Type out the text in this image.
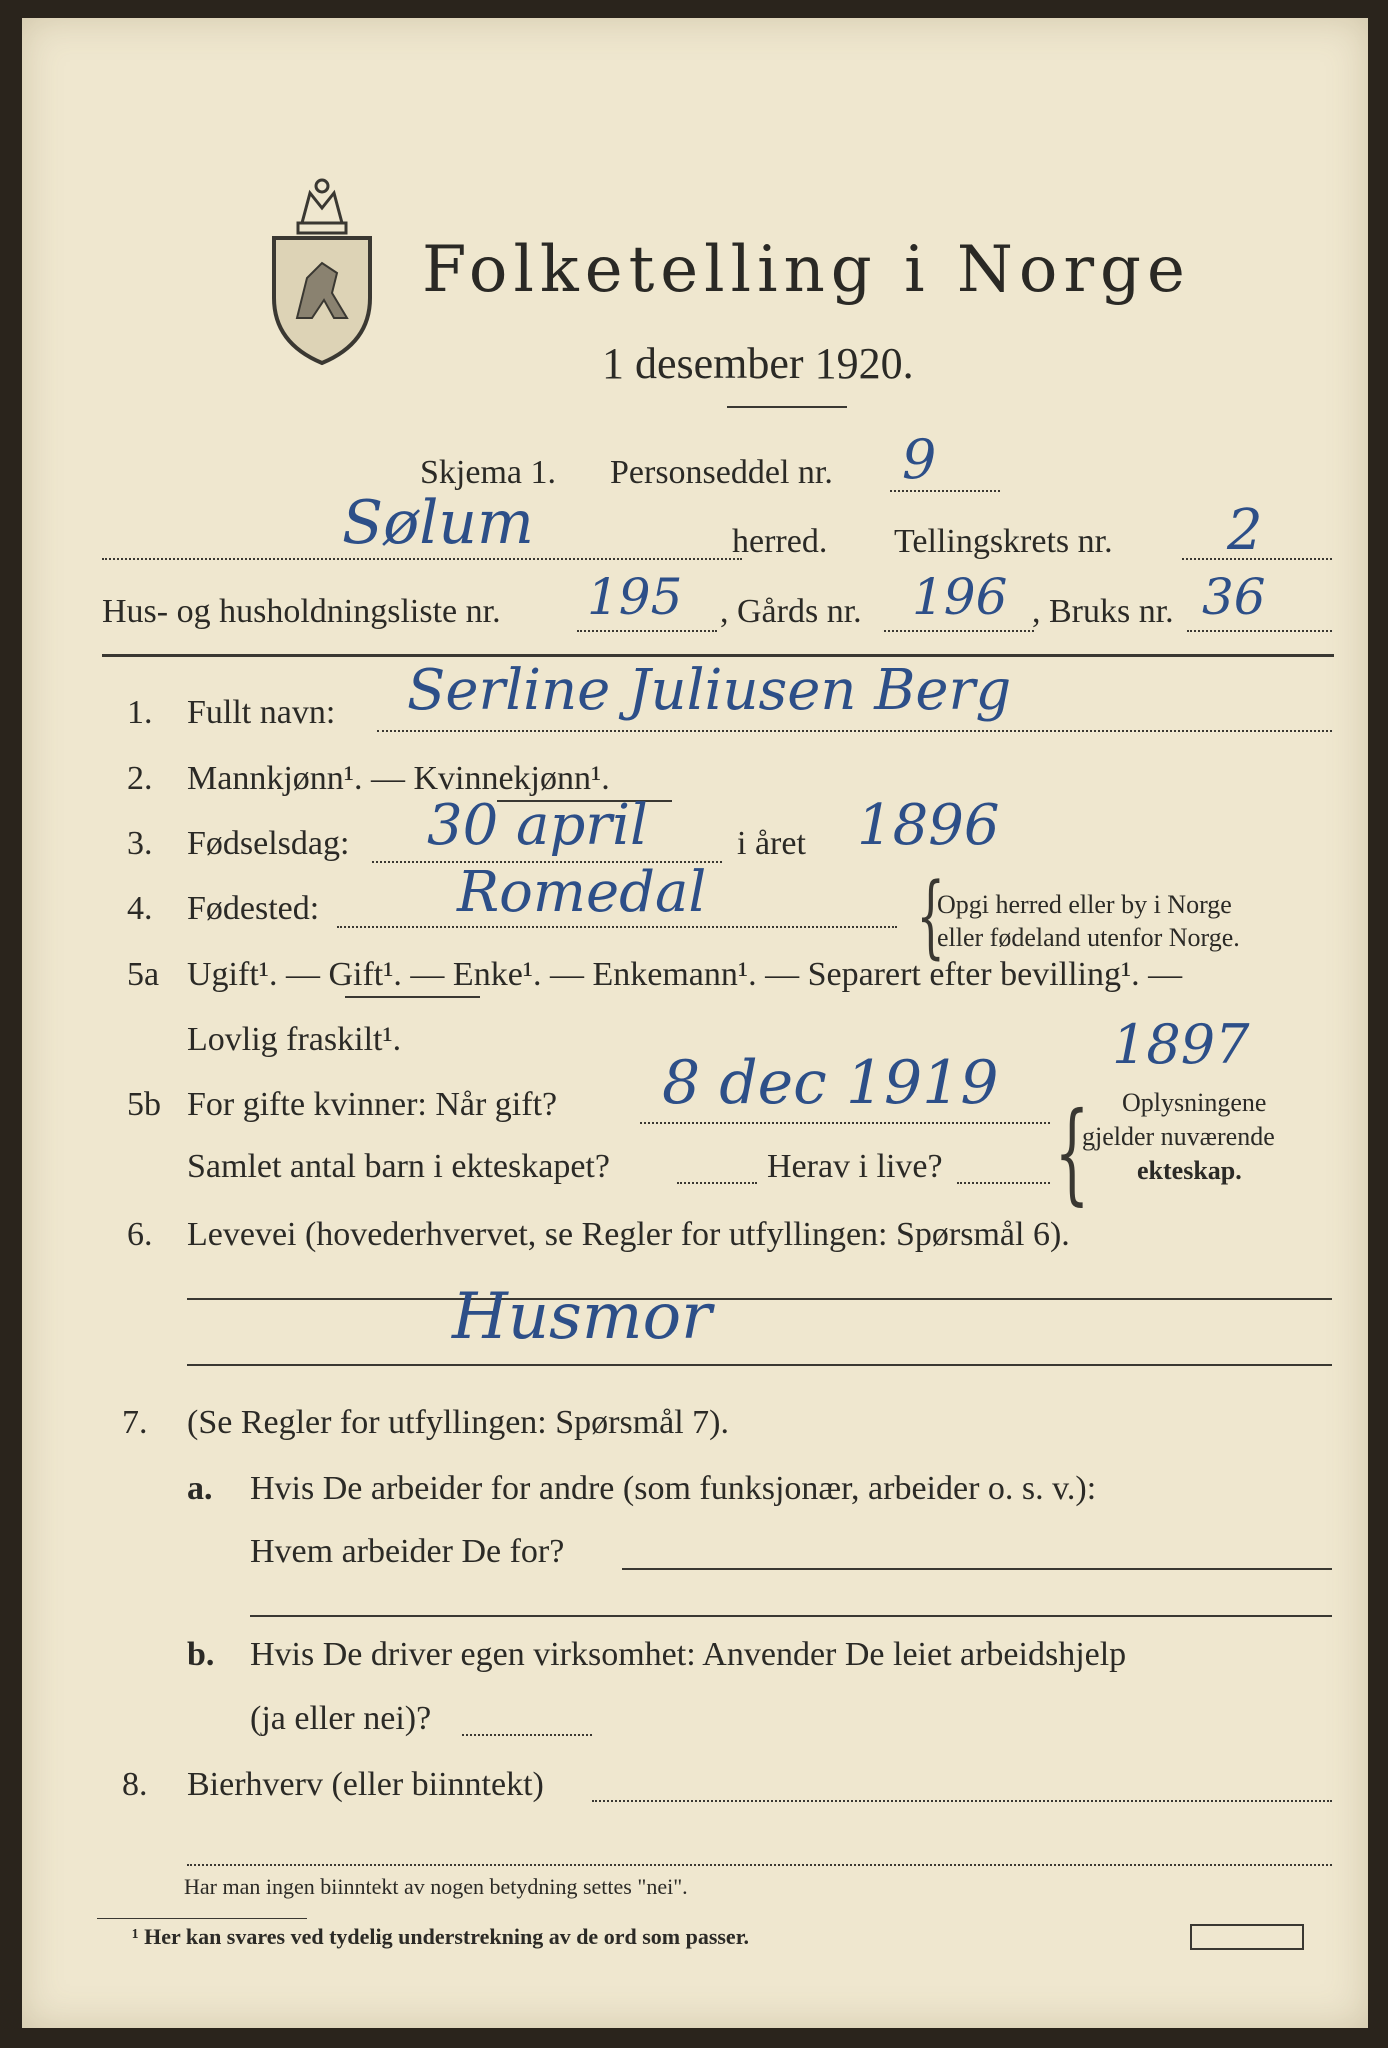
Folketelling i Norge
1 desember 1920.
Skjema 1. Personseddel nr. 9
Sølum	herred. Tellingskrets nr. 2
Hus- og husholdningsliste nr. 195 , Gårds nr. 196 , Bruks nr. 36
1. Fullt navn: Serline Juliusen Berg
2. Mannkjønn¹. — Kvinnekjønn¹.
3. Fødselsdag: 30 april	i året 1896
4. Fødested: Romedal {
Opgi herred eller by i Norge
eller fødeland utenfor Norge.
5a Ugift¹. — Gift¹. — Enke¹. — Enkemann¹. — Separert efter bevilling¹. —
Lovlig fraskilt¹.
5b For gifte kvinner: Når gift? 8 dec 1919
1897
Samlet antal barn i ekteskapet?	Herav i live? { Oplysningene
gjelder nuværende
ekteskap.
6. Levevei (hovederhvervet, se Regler for utfyllingen: Spørsmål 6).
Husmor
7. (Se Regler for utfyllingen: Spørsmål 7).
a. Hvis De arbeider for andre (som funksjonær, arbeider o. s. v.):
Hvem arbeider De for?
b. Hvis De driver egen virksomhet: Anvender De leiet arbeidshjelp
(ja eller nei)?
8. Bierhverv (eller biinntekt)
Har man ingen biinntekt av nogen betydning settes "nei".
¹ Her kan svares ved tydelig understrekning av de ord som passer.
